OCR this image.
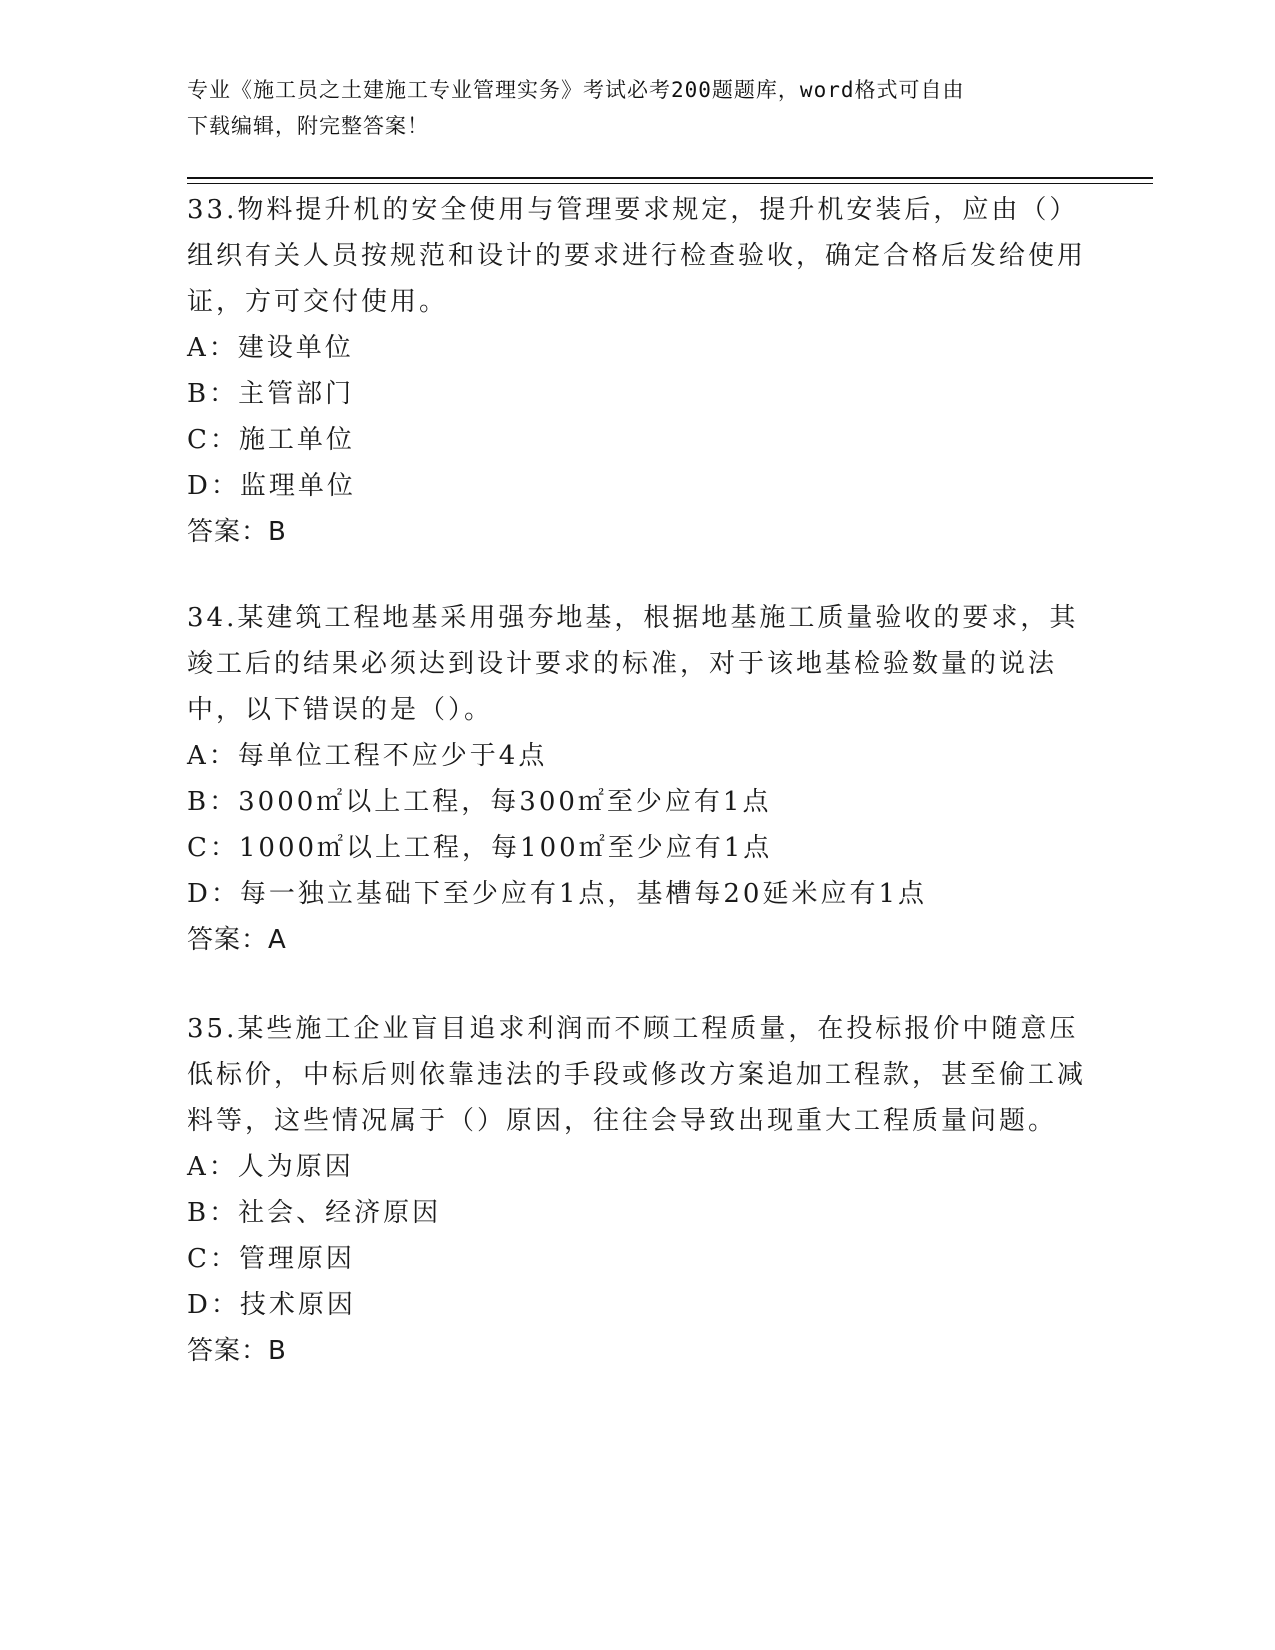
专业《施工员之土建施工专业管理实务》考试必考200题题库，word格式可自由
下载编辑，附完整答案！

33.物料提升机的安全使用与管理要求规定，提升机安装后，应由（）组织有关人员按规范和设计的要求进行检查验收，确定合格后发给使用证，方可交付使用。

A：建设单位

B：主管部门

C：施工单位

D：监理单位

答案：B

34.某建筑工程地基采用强夯地基，根据地基施工质量验收的要求，其竣工后的结果必须达到设计要求的标准，对于该地基检验数量的说法中，以下错误的是（）。

A：每单位工程不应少于4点

B：3000㎡以上工程，每300㎡至少应有1点

C：1000㎡以上工程，每100㎡至少应有1点

D：每一独立基础下至少应有1点，基槽每20延米应有1点

答案：A

35.某些施工企业盲目追求利润而不顾工程质量，在投标报价中随意压低标价，中标后则依靠违法的手段或修改方案追加工程款，甚至偷工减料等，这些情况属于（）原因，往往会导致出现重大工程质量问题。

A：人为原因

B：社会、经济原因

C：管理原因

D：技术原因

答案：B
